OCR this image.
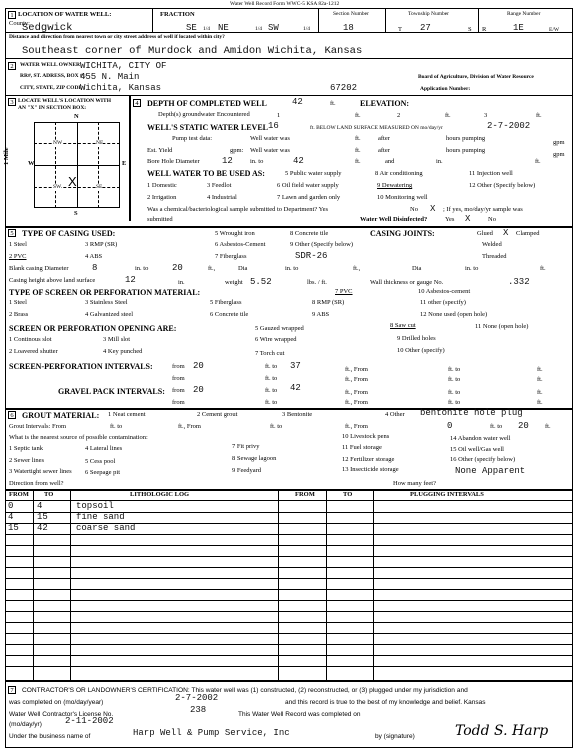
Water Well Record Form WWC-5 KSA 82a-1212
1 LOCATION OF WATER WELL:
County:
Sedgwick
FRACTION
SE 1/4 NE	1/4 SW	1/4
Section Number
18
Township Number
T 27	S
Range Number
R	1E	E/W
Distance and direction from nearest town or city street address of well if located within city?
Southeast corner of Murdock and Amidon Wichita, Kansas
2	WATER WELL OWNER:
WICHITA, CITY OF
RR#, ST. ADRESS, BOX # :
455 N. Main	Board of Agriculture, Division of Water Resource
CITY, STATE, ZIP CODE :
Wichita, Kansas	67202	Application Number:
3 LOCATE WELL'S LOCATION WITH
AN "X" IN SECTION BOX:
N
NW	NE
SW	SE
W	E
S
1 Mile
X
4 DEPTH OF COMPLETED WELL	42	ft.	ELEVATION:
Depth(s) groundwater Encountered	1	ft.	2	ft.	3	ft.
WELL'S STATIC WATER LEVEL 16	ft. BELOW LAND SURFACE MEASURED ON mo/day/yr	2-7-2002
Pump test data:	Well water was	ft.	after	hours pumping
gpm
Est. Yield	gpm: Well water was	ft.	after	hours pumping
gpm
Bore Hole Diameter 12	in. to	42	ft.	and	in.	ft.
WELL WATER TO BE USED AS:	5 Public water supply	8 Air conditioning	11 Injection well
1 Domestic	3 Feedlot	6 Oil field water supply	9 Dewatering	12 Other (Specify below)
2 Irrigation	4 Industrial	7 Lawn and garden only	10 Monitoring well
Was a chemical/bacteriological sample submitted to Department? Yes	No X ; If yes, mo/day/yr sample was
submitted	Water Well Disinfected?	Yes X	No
5 TYPE OF CASING USED:	5 Wrought iron	8 Concrete tile	CASING JOINTS:	Glued X Clamped
1 Steel	3 RMP (SR)	6 Asbestos-Cement	9 Other (Specify below)	Welded
2 PVC	4 ABS	7 Fiberglass	SDR-26	Threaded
Blank casing Diameter	8	in. to	20	ft.,	Dia	in. to	ft.,	Dia	in. to	ft.
Casing height above land surface	12	in.	weight 5.52	lbs. / ft.	Wall thickness or gauge No.	.332
TYPE OF SCREEN OR PERFORATION MATERIAL:	7 PVC	10 Asbestos-cement
1 Steel	3 Stainless Steel	5 Fiberglass	8 RMP (SR)	11 other (specify)
2 Brass	4 Galvanized steel	6 Concrete tile	9 ABS	12 None used (open hole)
SCREEN OR PERFORATION OPENING ARE:	5 Gauzed wrapped	8 Saw cut	11 None (open hole)
1 Continous slot	3 Mill slot	6 Wire wrapped	9 Drilled holes
2 Loavered shutter	4 Key punched	7 Torch cut	10 Other (specify)
SCREEN-PERFORATION INTERVALS:	from 20	ft. to 37	ft., From	ft. to	ft.
from	ft. to	ft., From	ft. to	ft.
GRAVEL PACK INTERVALS: from 20	ft. to 42	ft., From	ft. to	ft.
from	ft. to	ft., From	ft. to	ft.
6 GROUT MATERIAL: 1 Neat cement	2 Cement grout	3 Bentonite	4 Other bentonite hole plug
Grout Intervals: From	ft. to	ft., From	ft. to	ft., From	0	ft. to 20 ft.
What is the nearest source of possible contamination:	10 Livestock pens	14 Abandon water well
1 Septic tank	4 Lateral lines	7 Fit privy	11 Fuel storage	15 Oil well/Gas well
2 Sewer lines	5 Cess pool	8 Sewage lagoon	12 Fertilizer storage	16 Other (specify below)
3 Watertight sewer lines 6 Seepage pit	9 Feedyard	13 Insecticide storage	None Apparent
Direction from well?	How many feet?
FROM TO	LITHOLOGIC LOG	FROM	TO	PLUGGING INTERVALS
0	4	topsoil
4	15	fine sand
15 42	coarse sand
7	CONTRACTOR'S OR LANDOWNER'S CERTIFICATION: This water well was (1) constructed, (2) reconstructed, or (3) plugged under my jurisdiction and
was completed on (mo/day/year)	2-7-2002	and this record is true to the best of my knowledge and belief. Kansas
Water Well Contractor's License No.	238	This Water Well Record was completed on
(mo/day/yr)	2-11-2002
Under the business name of	Harp Well & Pump Service, Inc	by (signature)	Todd S. Harp
